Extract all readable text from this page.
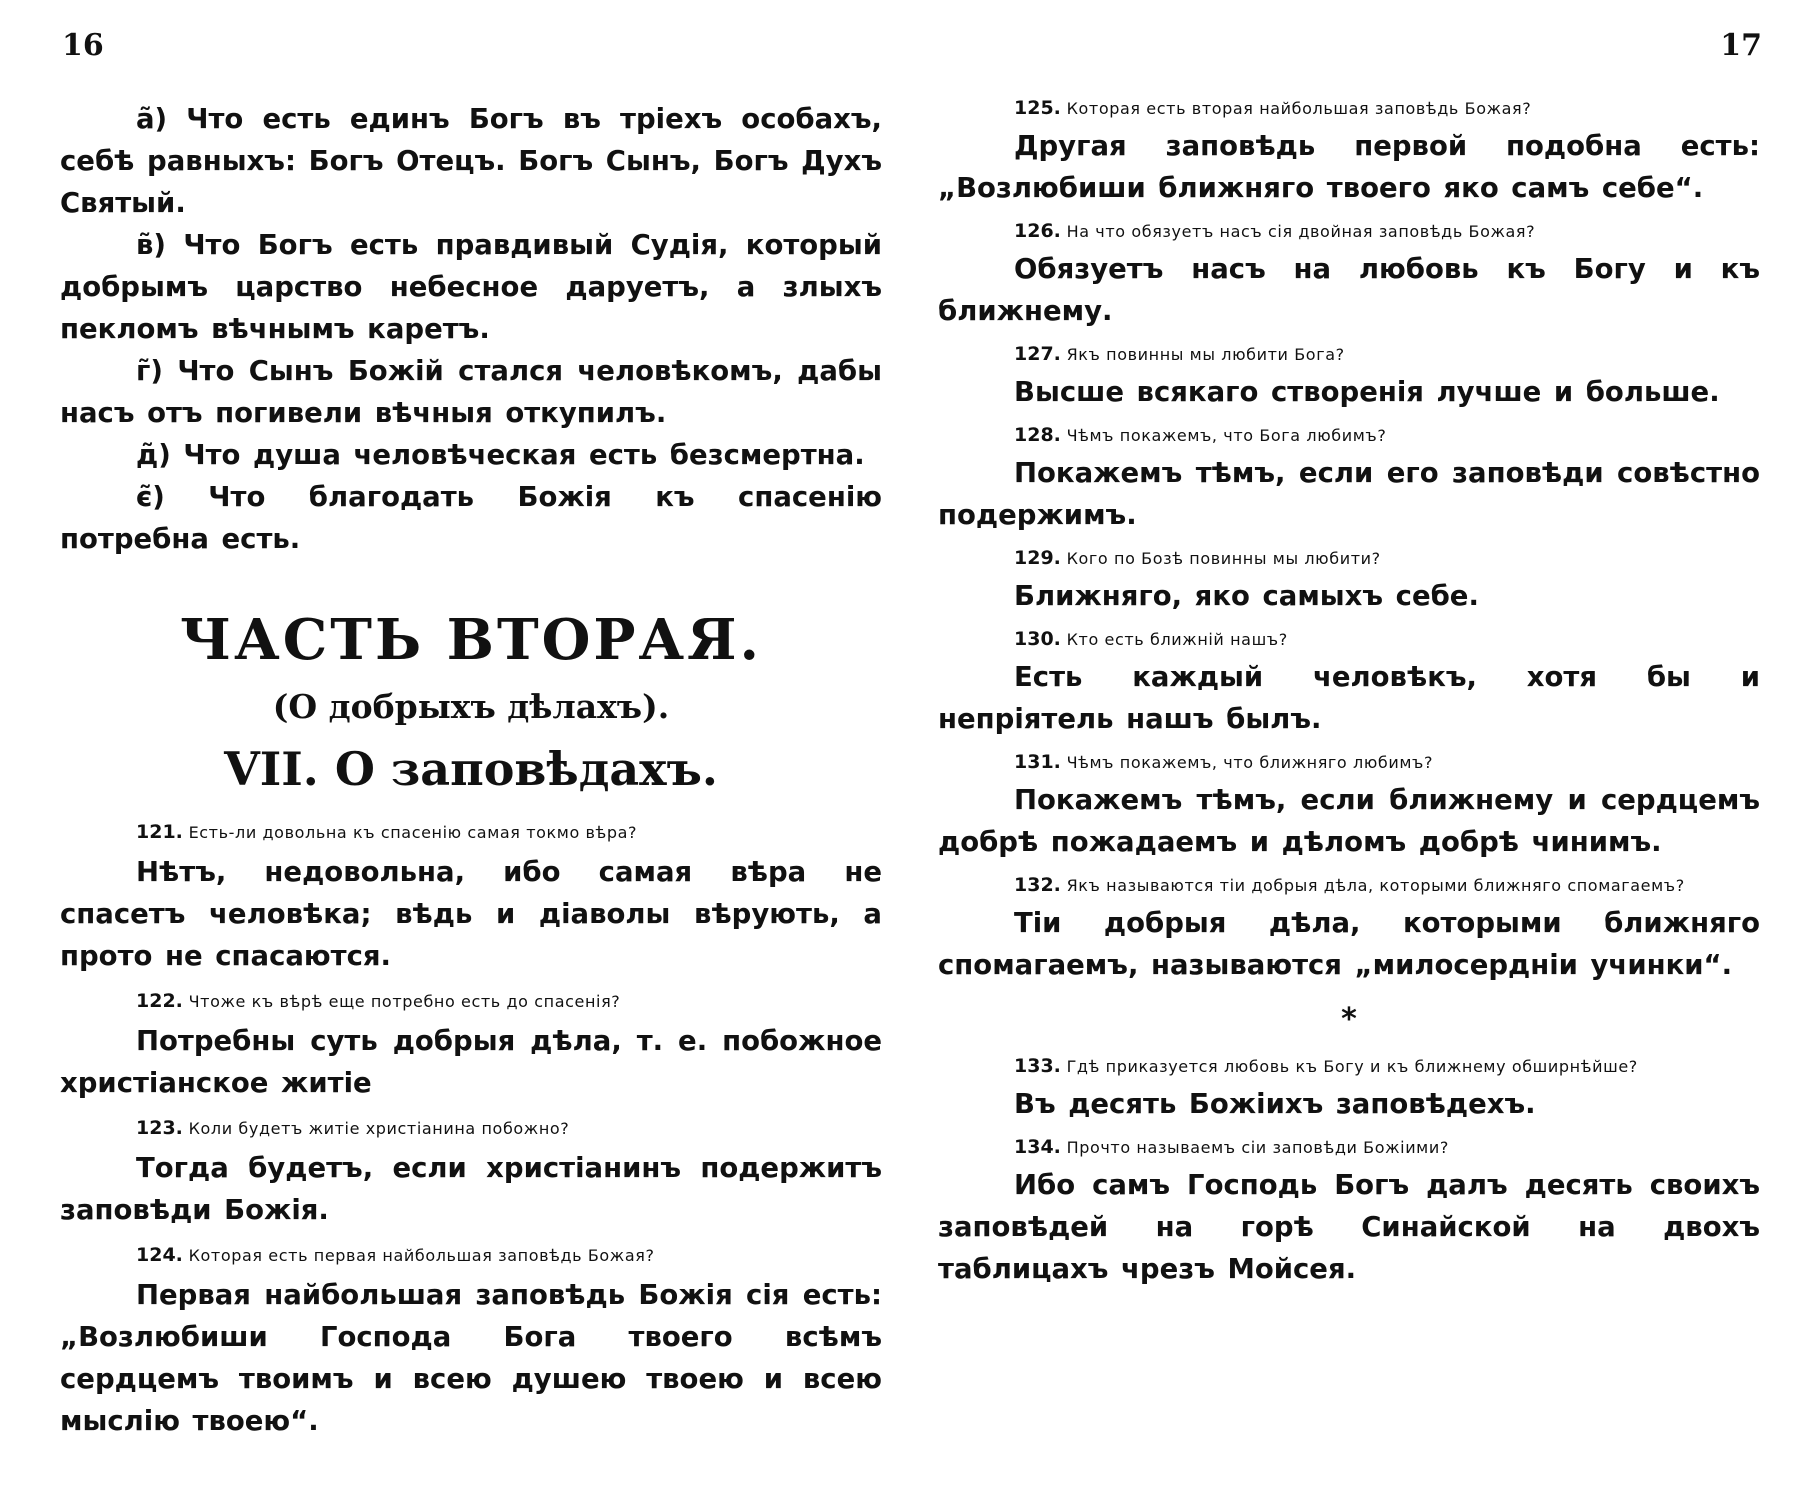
16	17

а̃) Что есть единъ Богъ въ тріехъ особахъ, себѣ равныхъ: Богъ Отецъ. Богъ Сынъ, Богъ Духъ Святый.

в̃) Что Богъ есть правдивый Судія, который добрымъ царство небесное даруетъ, а злыхъ пекломъ вѣчнымъ каретъ.

г̃) Что Сынъ Божій стался человѣкомъ, дабы насъ отъ погивели вѣчныя откупилъ.

д̃) Что душа человѣческая есть безсмертна.

є̃) Что благодать Божія къ спасенію потребна есть.

ЧАСТЬ ВТОРАЯ.

(О добрыхъ дѣлахъ).

VII. О заповѣдахъ.

121. Есть-ли довольна къ спасенію самая токмо вѣра?

Нѣтъ, недовольна, ибо самая вѣра не спасетъ человѣка; вѣдь и діаволы вѣрують, а прото не спасаются.

122. Чтоже къ вѣрѣ еще потребно есть до спасенія?

Потребны суть добрыя дѣла, т. е. побожное христіанское житіе

123. Коли будетъ житіе христіанина побожно?

Тогда будетъ, если христіанинъ подержитъ заповѣди Божія.

124. Которая есть первая найбольшая заповѣдь Божая?

Первая найбольшая заповѣдь Божія сія есть: „Возлюбиши Господа Бога твоего всѣмъ сердцемъ твоимъ и всею душею твоею и всею мыслію твоею“.

125. Которая есть вторая найбольшая заповѣдь Божая?

Другая заповѣдь первой подобна есть: „Возлюбиши ближняго твоего яко самъ себе“.

126. На что обязуетъ насъ сія двойная заповѣдь Божая?

Обязуетъ насъ на любовь къ Богу и къ ближнему.

127. Якъ повинны мы любити Бога?

Высше всякаго створенія лучше и больше.

128. Чѣмъ покажемъ, что Бога любимъ?

Покажемъ тѣмъ, если его заповѣди совѣстно подержимъ.

129. Кого по Бозѣ повинны мы любити?

Ближняго, яко самыхъ себе.

130. Кто есть ближній нашъ?

Есть каждый человѣкъ, хотя бы и непріятель нашъ былъ.

131. Чѣмъ покажемъ, что ближняго любимъ?

Покажемъ тѣмъ, если ближнему и сердцемъ добрѣ пожадаемъ и дѣломъ добрѣ чинимъ.

132. Якъ называются тіи добрыя дѣла, которыми ближняго спомагаемъ?

Тіи добрыя дѣла, которыми ближняго спомагаемъ, называются „милосердніи учинки“.

*

133. Гдѣ приказуется любовь къ Богу и къ ближнему обширнѣйше?

Въ десять Божіихъ заповѣдехъ.

134. Прочто называемъ сіи заповѣди Божіими?

Ибо самъ Господь Богъ далъ десять своихъ заповѣдей на горѣ Синайской на двохъ таблицахъ чрезъ Мойсея.
